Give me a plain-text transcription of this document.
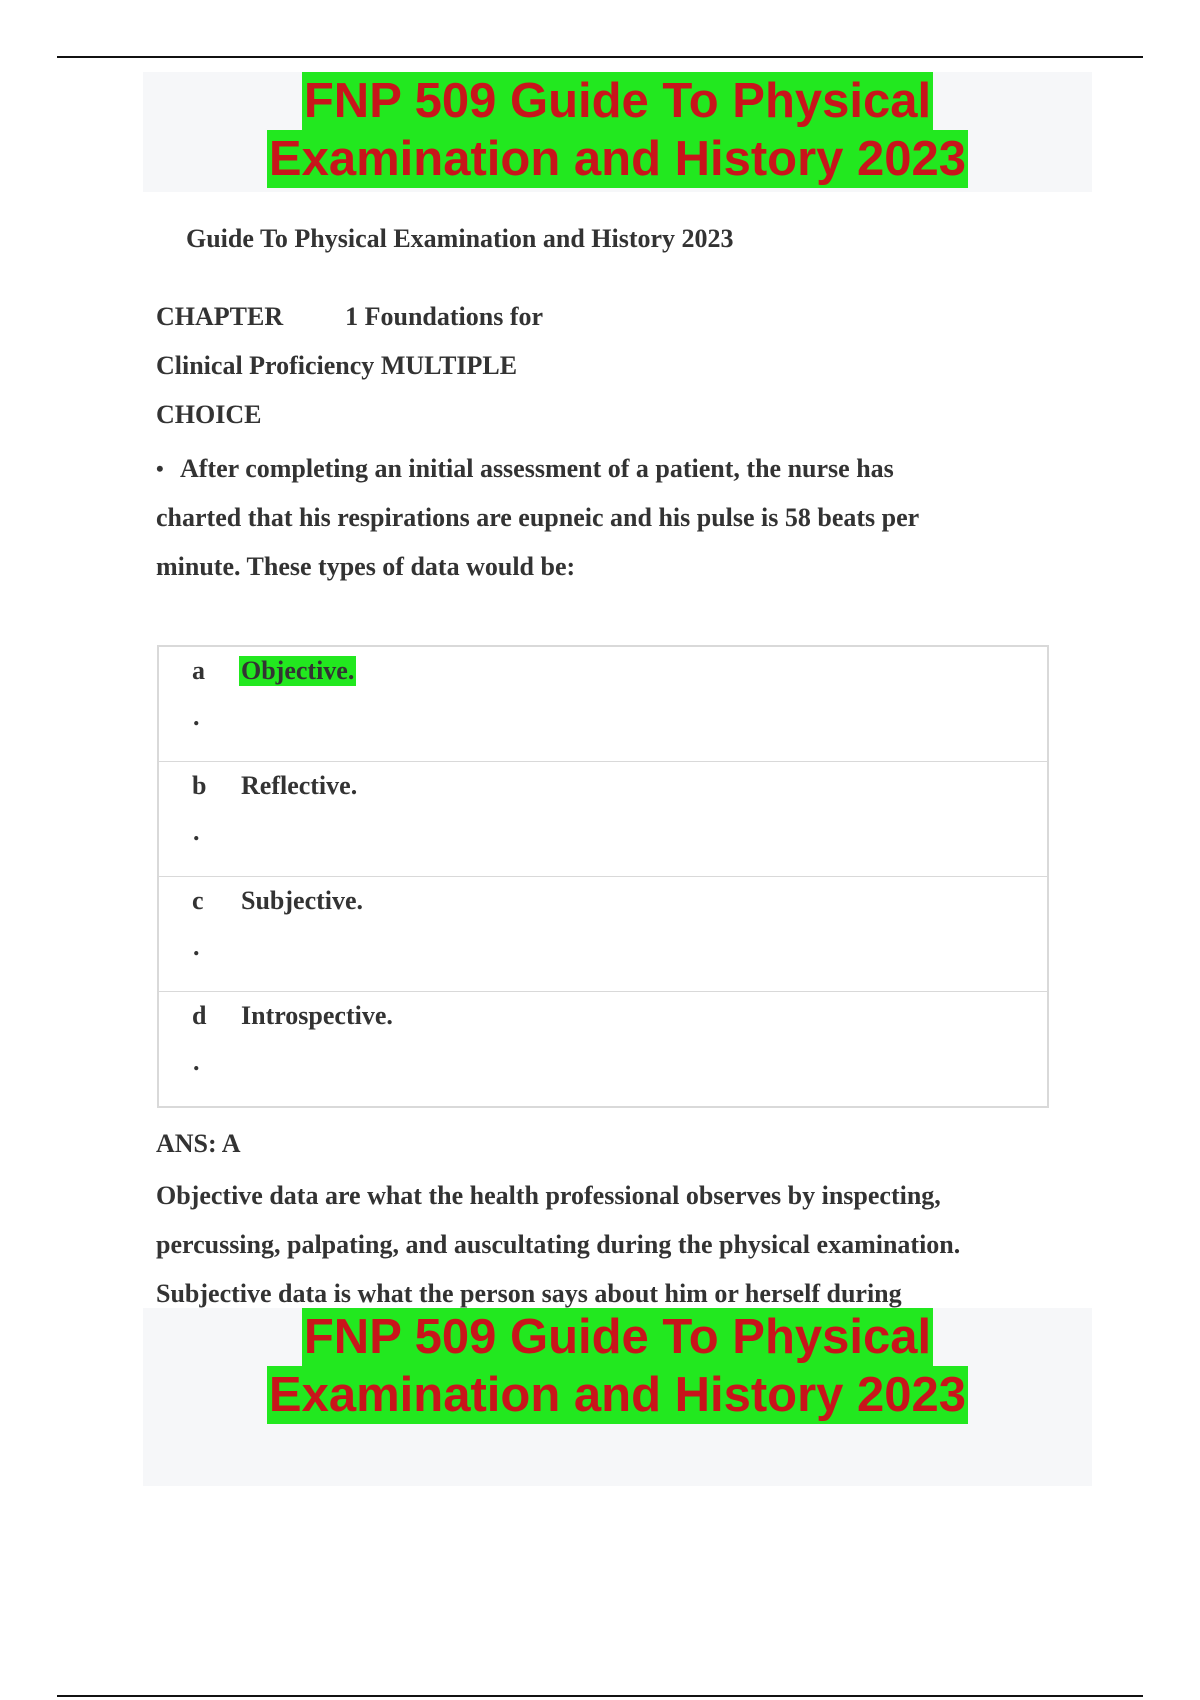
FNP 509 Guide To Physical
Examination and History 2023
Guide To Physical Examination and History 2023
CHAPTER 1 Foundations for
Clinical Proficiency MULTIPLE
CHOICE
• After completing an initial assessment of a patient, the nurse has

charted that his respirations are eupneic and his pulse is 58 beats per

minute. These types of data would be:

a
.	Objective.

b
.	Reflective.

c
.	Subjective.

d
.	Introspective.
ANS: A

Objective data are what the health professional observes by inspecting,

percussing, palpating, and auscultating during the physical examination.

Subjective data is what the person says about him or herself during

FNP 509 Guide To Physical
Examination and History 2023
